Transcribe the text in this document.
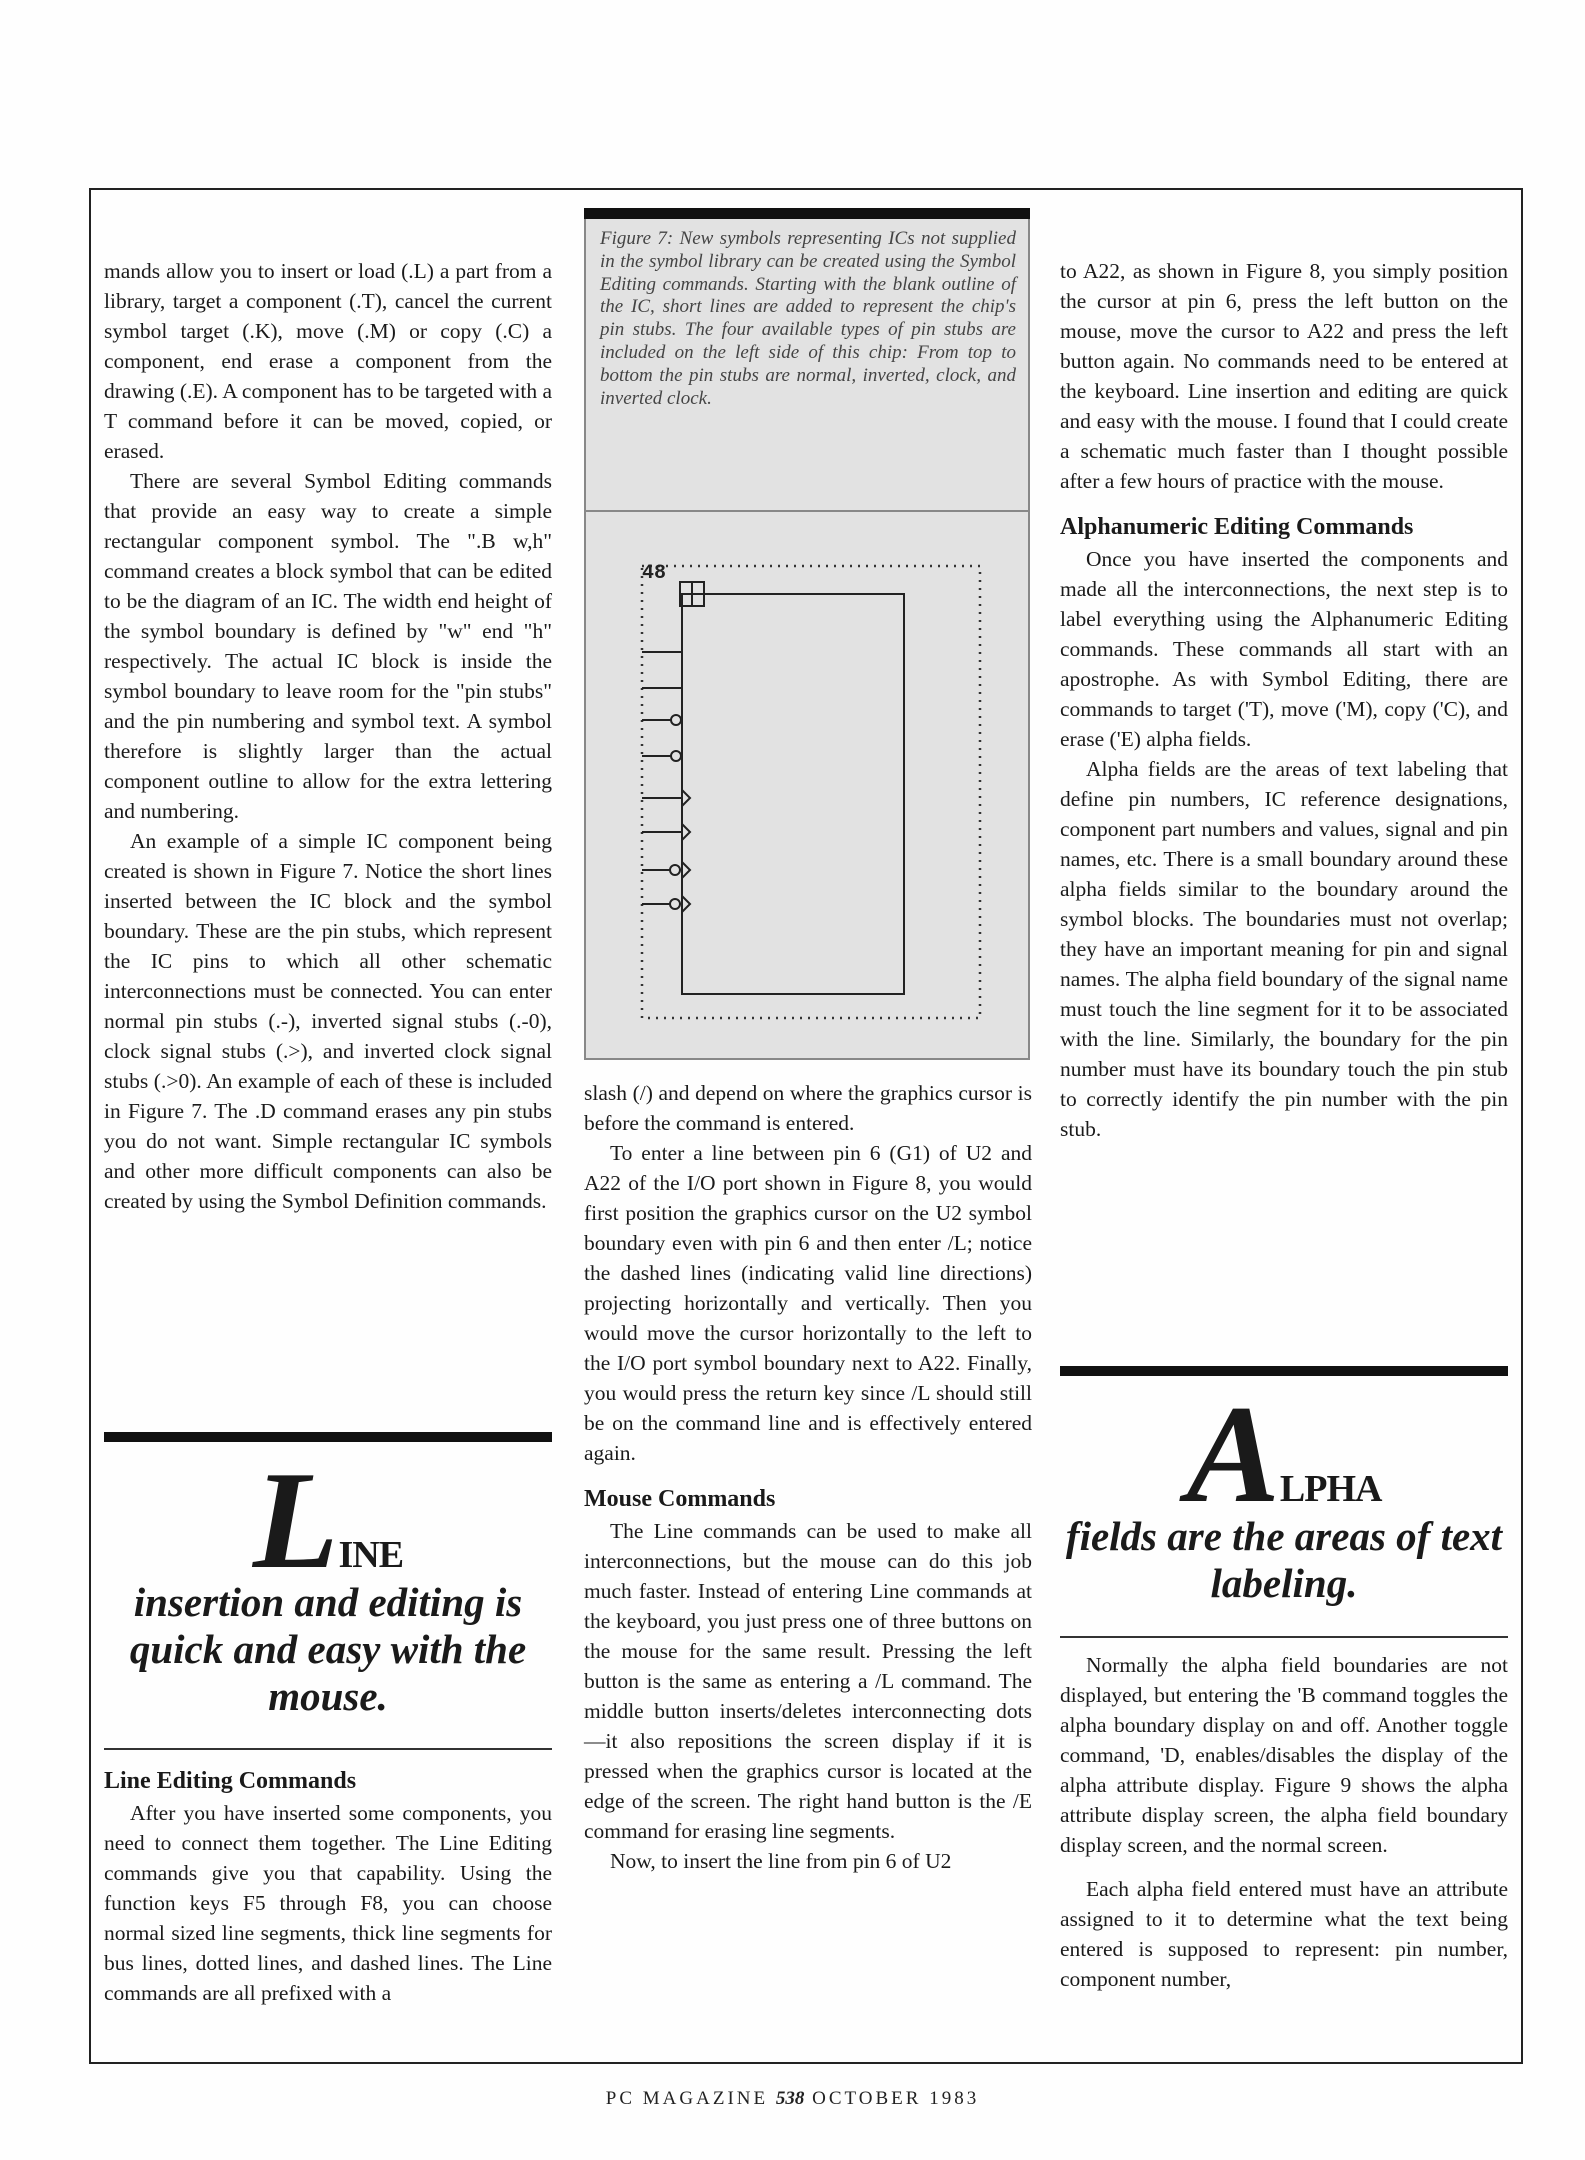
mands allow you to insert or load (.L) a part from a library, target a component (.T), cancel the current symbol target (.K), move (.M) or copy (.C) a component, end erase a component from the drawing (.E). A component has to be targeted with a T command before it can be moved, copied, or erased.

There are several Symbol Editing commands that provide an easy way to create a simple rectangular component symbol. The ".B w,h" command creates a block symbol that can be edited to be the diagram of an IC. The width end height of the symbol boundary is defined by "w" end "h" respectively. The actual IC block is inside the symbol boundary to leave room for the "pin stubs" and the pin numbering and symbol text. A symbol therefore is slightly larger than the actual component outline to allow for the extra lettering and numbering.

An example of a simple IC component being created is shown in Figure 7. Notice the short lines inserted between the IC block and the symbol boundary. These are the pin stubs, which represent the IC pins to which all other schematic interconnections must be connected. You can enter normal pin stubs (.-), inverted signal stubs (.-0), clock signal stubs (.>), and inverted clock signal stubs (.>0). An example of each of these is included in Figure 7. The .D command erases any pin stubs you do not want. Simple rectangular IC symbols and other more difficult components can also be created by using the Symbol Definition commands.

LINE
insertion and editing is quick and easy with the mouse.

Line Editing Commands

After you have inserted some components, you need to connect them together. The Line Editing commands give you that capability. Using the function keys F5 through F8, you can choose normal sized line segments, thick line segments for bus lines, dotted lines, and dashed lines. The Line commands are all prefixed with a

Figure 7: New symbols representing ICs not supplied in the symbol library can be created using the Symbol Editing commands. Starting with the blank outline of the IC, short lines are added to represent the chip's pin stubs. The four available types of pin stubs are included on the left side of this chip: From top to bottom the pin stubs are normal, inverted, clock, and inverted clock.
48

slash (/) and depend on where the graphics cursor is before the command is entered.

To enter a line between pin 6 (G1) of U2 and A22 of the I/O port shown in Figure 8, you would first position the graphics cursor on the U2 symbol boundary even with pin 6 and then enter /L; notice the dashed lines (indicating valid line directions) projecting horizontally and vertically. Then you would move the cursor horizontally to the left to the I/O port symbol boundary next to A22. Finally, you would press the return key since /L should still be on the command line and is effectively entered again.

Mouse Commands

The Line commands can be used to make all interconnections, but the mouse can do this job much faster. Instead of entering Line commands at the keyboard, you just press one of three buttons on the mouse for the same result. Pressing the left button is the same as entering a /L command. The middle button inserts/deletes interconnecting dots—it also repositions the screen display if it is pressed when the graphics cursor is located at the edge of the screen. The right hand button is the /E command for erasing line segments.

Now, to insert the line from pin 6 of U2

to A22, as shown in Figure 8, you simply position the cursor at pin 6, press the left button on the mouse, move the cursor to A22 and press the left button again. No commands need to be entered at the keyboard. Line insertion and editing are quick and easy with the mouse. I found that I could create a schematic much faster than I thought possible after a few hours of practice with the mouse.

Alphanumeric Editing Commands

Once you have inserted the components and made all the interconnections, the next step is to label everything using the Alphanumeric Editing commands. These commands all start with an apostrophe. As with Symbol Editing, there are commands to target ('T), move ('M), copy ('C), and erase ('E) alpha fields.

Alpha fields are the areas of text labeling that define pin numbers, IC reference designations, component part numbers and values, signal and pin names, etc. There is a small boundary around these alpha fields similar to the boundary around the symbol blocks. The boundaries must not overlap; they have an important meaning for pin and signal names. The alpha field boundary of the signal name must touch the line segment for it to be associated with the line. Similarly, the boundary for the pin number must have its boundary touch the pin stub to correctly identify the pin number with the pin stub.

ALPHA
fields are the areas of text labeling.

Normally the alpha field boundaries are not displayed, but entering the 'B command toggles the alpha boundary display on and off. Another toggle command, 'D, enables/disables the display of the alpha attribute display. Figure 9 shows the alpha attribute display screen, the alpha field boundary display screen, and the normal screen.

Each alpha field entered must have an attribute assigned to it to determine what the text being entered is supposed to represent: pin number, component number,

PC MAGAZINE 538 OCTOBER 1983
